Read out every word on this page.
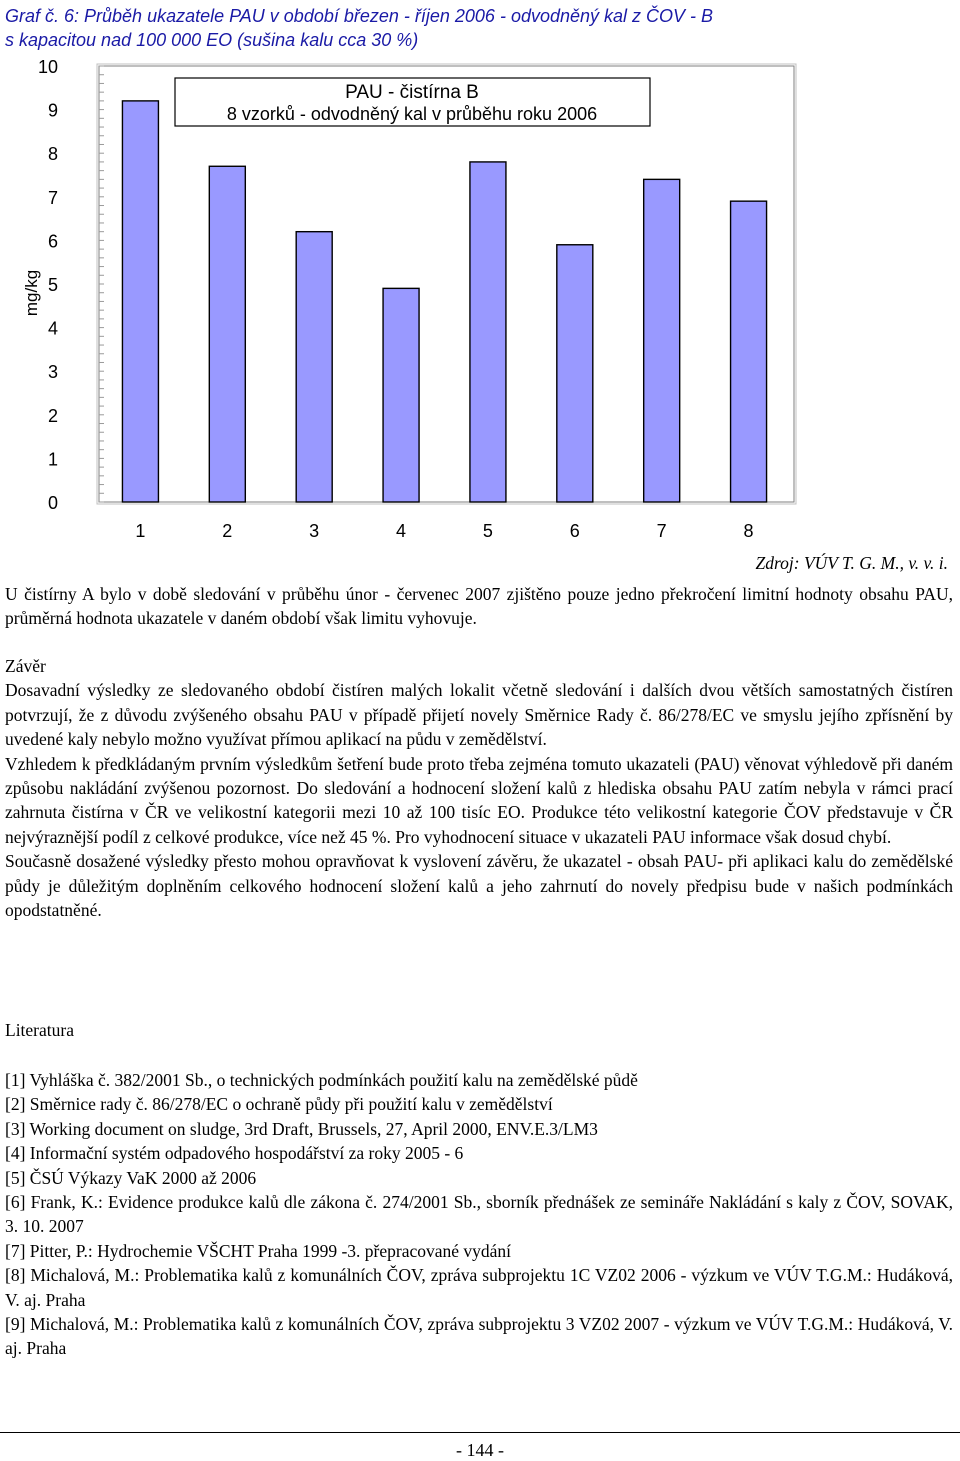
Graf č. 6: Průběh ukazatele PAU v období březen - říjen 2006 - odvodněný kal z ČOV - B
s kapacitou nad 100 000 EO (sušina kalu cca 30 %)
0
1
2
3
4
5
6
7
8
9
10
mg/kg
1	2	3	4	5	6	7	8
PAU - čistírna B
8 vzorků - odvodněný kal v průběhu roku 2006
Zdroj: VÚV T. G. M., v. v. i.

U čistírny A bylo v době sledování v průběhu únor - červenec 2007 zjištěno pouze jedno překročení limitní hodnoty obsahu PAU, průměrná hodnota ukazatele v daném období však limitu vyhovuje.

Závěr

Dosavadní výsledky ze sledovaného období čistíren malých lokalit včetně sledování i dalších dvou větších samostatných čistíren potvrzují, že z důvodu zvýšeného obsahu PAU v případě přijetí novely Směrnice Rady č. 86/278/EC ve smyslu jejího zpřísnění by uvedené kaly nebylo možno využívat přímou aplikací na půdu v zemědělství.

Vzhledem k předkládaným prvním výsledkům šetření bude proto třeba zejména tomuto ukazateli (PAU) věnovat výhledově při daném způsobu nakládání zvýšenou pozornost. Do sledování a hodnocení složení kalů z hlediska obsahu PAU zatím nebyla v rámci prací zahrnuta čistírna v ČR ve velikostní kategorii mezi 10 až 100 tisíc EO. Produkce této velikostní kategorie ČOV představuje v ČR nejvýraznější podíl z celkové produkce, více než 45 %. Pro vyhodnocení situace v ukazateli PAU informace však dosud chybí.

Současně dosažené výsledky přesto mohou opravňovat k vyslovení závěru, že ukazatel - obsah PAU- při aplikaci kalu do zemědělské půdy je důležitým doplněním celkového hodnocení složení kalů a jeho zahrnutí do novely předpisu bude v našich podmínkách opodstatněné.

Literatura

[1] Vyhláška č. 382/2001 Sb., o technických podmínkách použití kalu na zemědělské půdě
[2] Směrnice rady č. 86/278/EC o ochraně půdy při použití kalu v zemědělství
[3] Working document on sludge, 3rd Draft, Brussels, 27, April 2000, ENV.E.3/LM3
[4] Informační systém odpadového hospodářství za roky 2005 - 6
[5] ČSÚ Výkazy VaK 2000 až 2006
[6] Frank, K.: Evidence produkce kalů dle zákona č. 274/2001 Sb., sborník přednášek ze semináře Nakládání s kaly z ČOV, SOVAK, 3. 10. 2007
[7] Pitter, P.: Hydrochemie VŠCHT Praha 1999 -3. přepracované vydání
[8] Michalová, M.: Problematika kalů z komunálních ČOV, zpráva subprojektu 1C VZ02 2006 - výzkum ve VÚV T.G.M.: Hudáková, V. aj. Praha
[9] Michalová, M.: Problematika kalů z komunálních ČOV, zpráva subprojektu 3 VZ02 2007 - výzkum ve VÚV T.G.M.: Hudáková, V. aj. Praha
- 144 -
